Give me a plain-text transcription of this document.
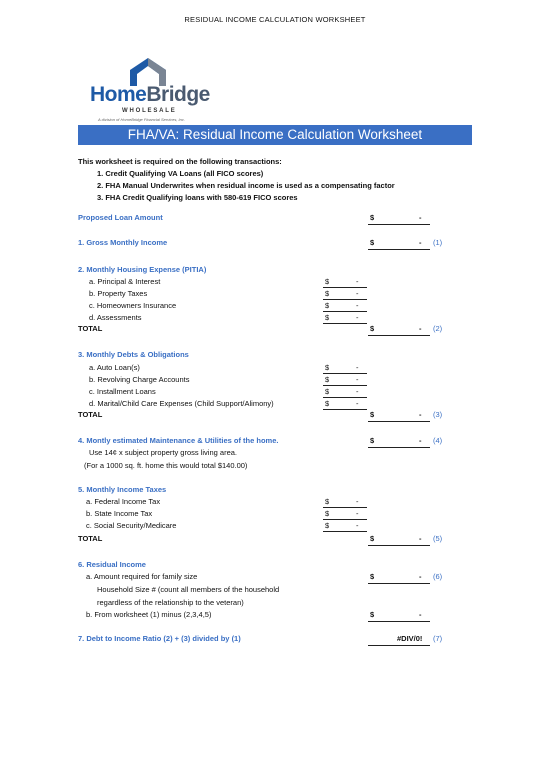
RESIDUAL INCOME CALCULATION WORKSHEET
HomeBridge
WHOLESALE
A division of HomeBridge Financial Services, Inc.
FHA/VA: Residual Income Calculation Worksheet
This worksheet is required on the following transactions:
1. Credit Qualifying VA Loans (all FICO scores)
2. FHA Manual Underwrites when residual income is used as a compensating factor
3. FHA Credit Qualifying loans with 580-619 FICO scores
Proposed Loan Amount	$	-
1. Gross Monthly Income	$	- (1)
2. Monthly Housing Expense (PITIA)
a. Principal & Interest	$	-
b. Property Taxes	$	-
c. Homeowners Insurance	$	-
d. Assessments	$	-
TOTAL	$	- (2)
3. Monthly Debts & Obligations
a. Auto Loan(s)	$	-
b. Revolving Charge Accounts	$	-
c. Installment Loans	$	-
d. Marital/Child Care Expenses (Child Support/Alimony)	$	-
TOTAL	$	- (3)
4. Montly estimated Maintenance & Utilities of the home.	$	- (4)
Use 14¢ x subject property gross living area.
(For a 1000 sq. ft. home this would total $140.00)
5. Monthly Income Taxes
a. Federal Income Tax	$	-
b. State Income Tax	$	-
c. Social Security/Medicare	$	-
TOTAL	$	- (5)
6. Residual Income
a. Amount required for family size	$	- (6)
Household Size # (count all members of the household
regardless of the relationship to the veteran)
b. From worksheet (1) minus (2,3,4,5)	$	-
7. Debt to Income Ratio (2) + (3) divided by (1)	#DIV/0! (7)
